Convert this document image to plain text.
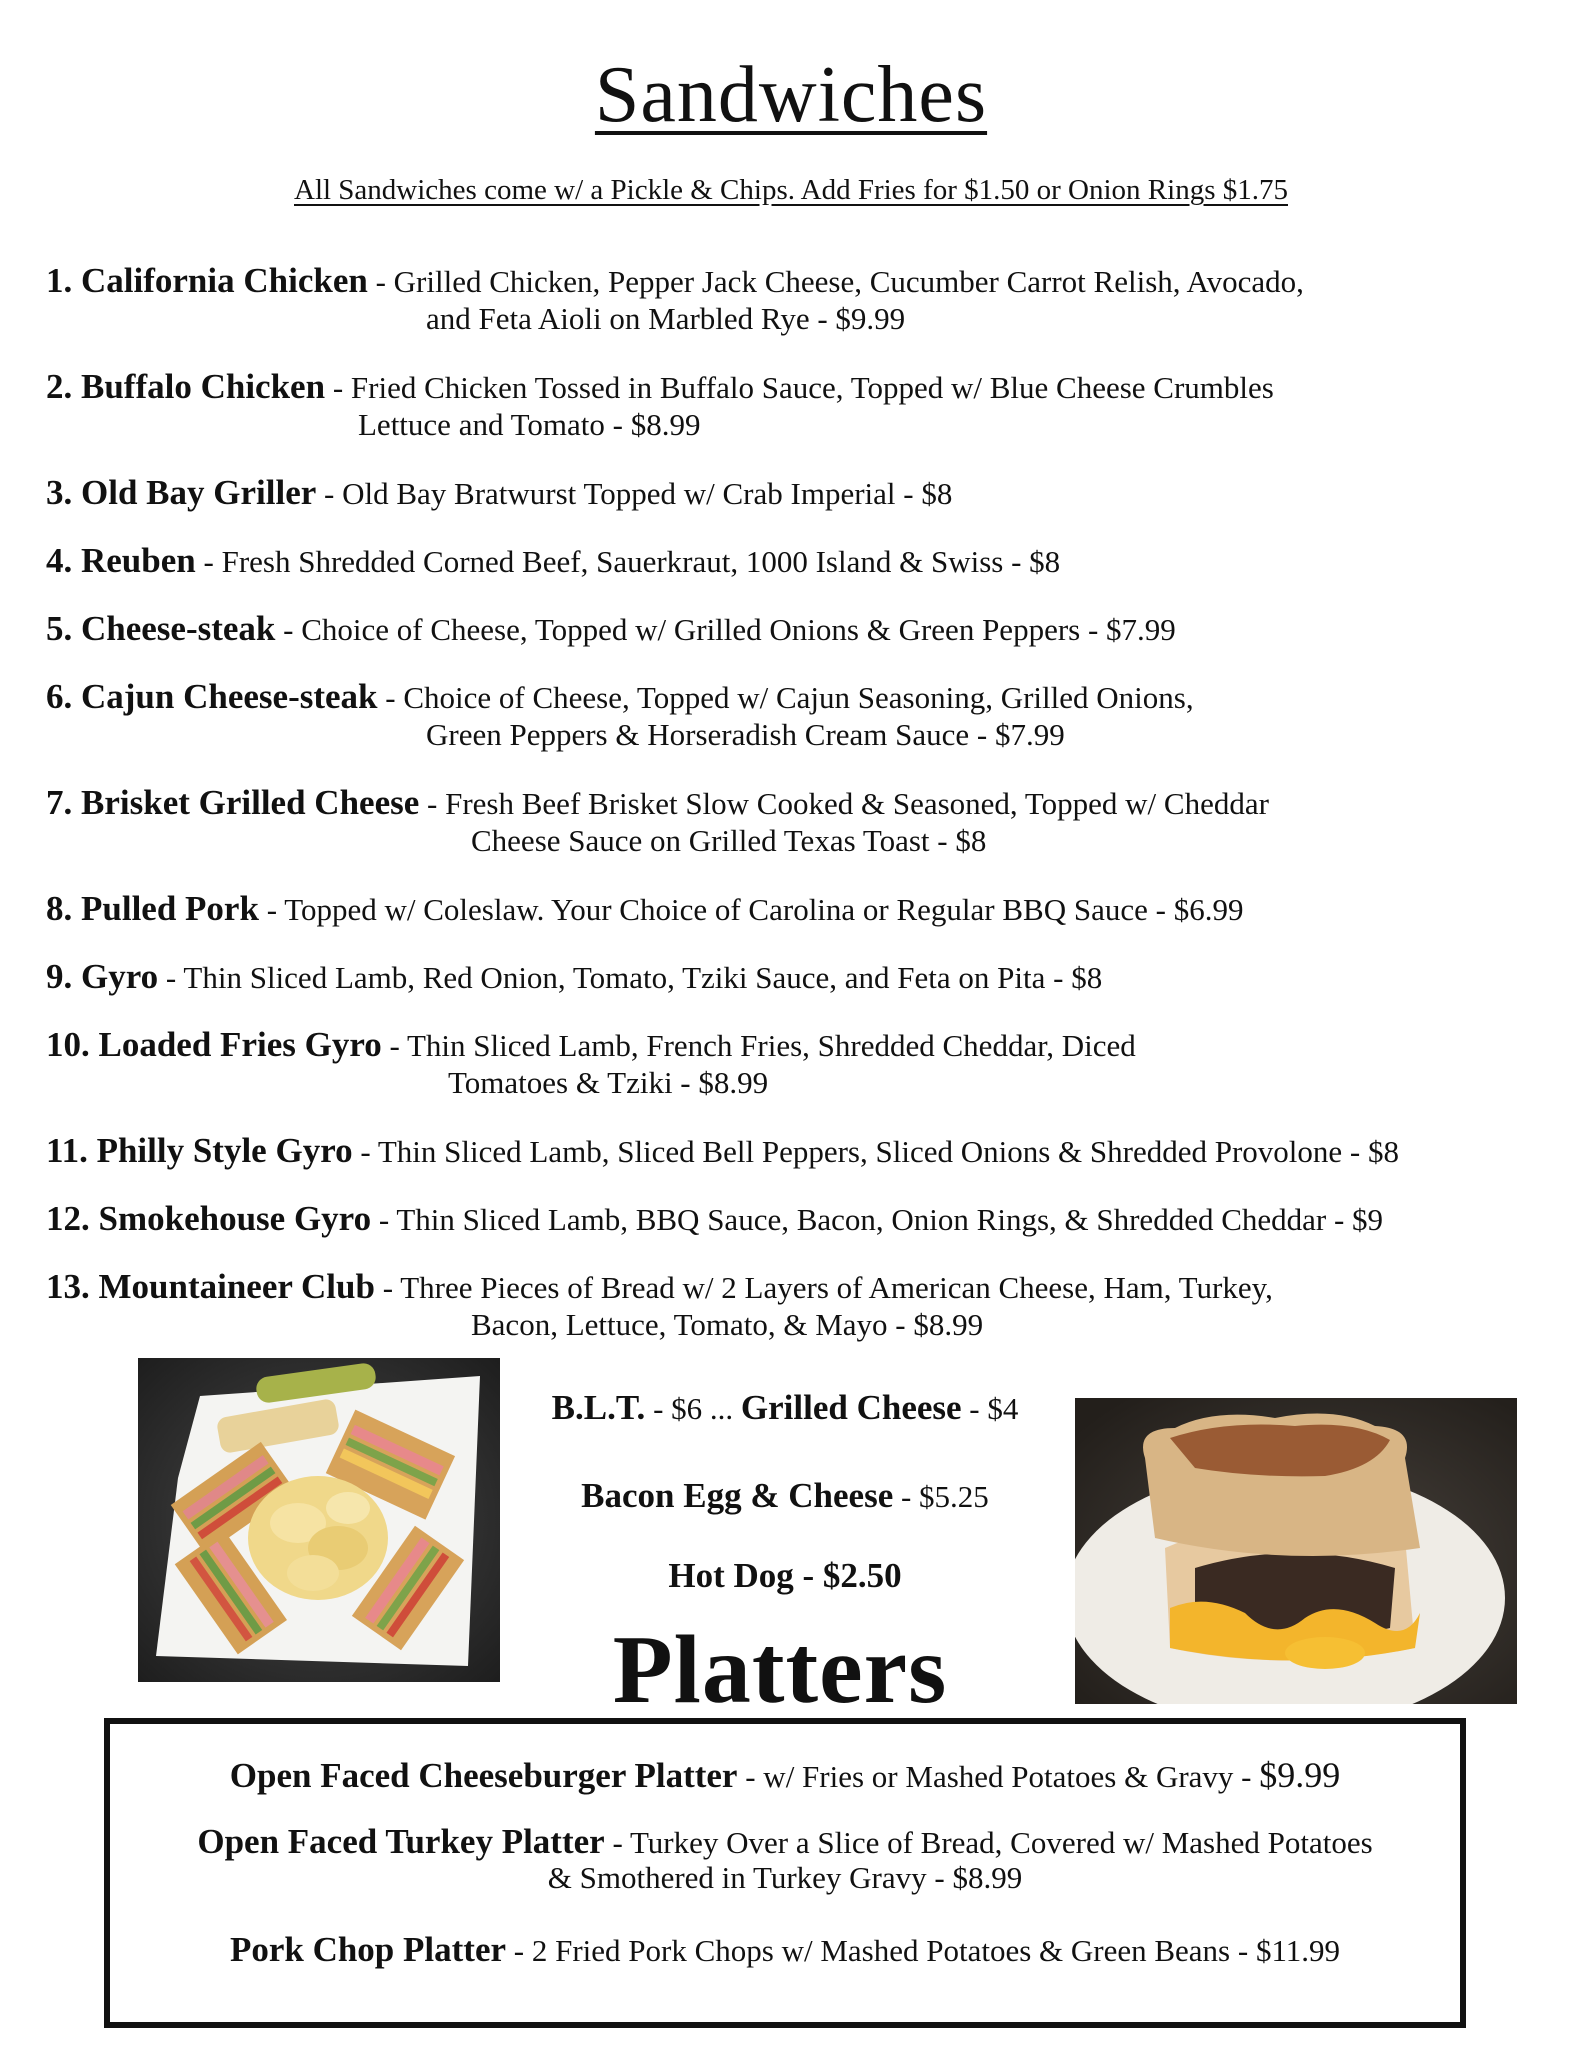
Sandwiches
All Sandwiches come w/ a Pickle & Chips. Add Fries for $1.50 or Onion Rings $1.75
1. California Chicken - Grilled Chicken, Pepper Jack Cheese, Cucumber Carrot Relish, Avocado,
and Feta Aioli on Marbled Rye - $9.99
2. Buffalo Chicken - Fried Chicken Tossed in Buffalo Sauce, Topped w/ Blue Cheese Crumbles
Lettuce and Tomato - $8.99
3. Old Bay Griller - Old Bay Bratwurst Topped w/ Crab Imperial - $8
4. Reuben - Fresh Shredded Corned Beef, Sauerkraut, 1000 Island & Swiss - $8
5. Cheese-steak - Choice of Cheese, Topped w/ Grilled Onions & Green Peppers - $7.99
6. Cajun Cheese-steak - Choice of Cheese, Topped w/ Cajun Seasoning, Grilled Onions,
Green Peppers & Horseradish Cream Sauce - $7.99
7. Brisket Grilled Cheese - Fresh Beef Brisket Slow Cooked & Seasoned, Topped w/ Cheddar
Cheese Sauce on Grilled Texas Toast - $8
8. Pulled Pork - Topped w/ Coleslaw. Your Choice of Carolina or Regular BBQ Sauce - $6.99
9. Gyro - Thin Sliced Lamb, Red Onion, Tomato, Tziki Sauce, and Feta on Pita - $8
10. Loaded Fries Gyro - Thin Sliced Lamb, French Fries, Shredded Cheddar, Diced
Tomatoes & Tziki - $8.99
11. Philly Style Gyro - Thin Sliced Lamb, Sliced Bell Peppers, Sliced Onions & Shredded Provolone - $8
12. Smokehouse Gyro - Thin Sliced Lamb, BBQ Sauce, Bacon, Onion Rings, & Shredded Cheddar - $9
13. Mountaineer Club - Three Pieces of Bread w/ 2 Layers of American Cheese, Ham, Turkey,
Bacon, Lettuce, Tomato, & Mayo - $8.99
B.L.T. - $6 ... Grilled Cheese - $4
Bacon Egg & Cheese - $5.25
Hot Dog - $2.50
Platters
Open Faced Cheeseburger Platter - w/ Fries or Mashed Potatoes & Gravy - $9.99
Open Faced Turkey Platter - Turkey Over a Slice of Bread, Covered w/ Mashed Potatoes
& Smothered in Turkey Gravy - $8.99
Pork Chop Platter - 2 Fried Pork Chops w/ Mashed Potatoes & Green Beans - $11.99
